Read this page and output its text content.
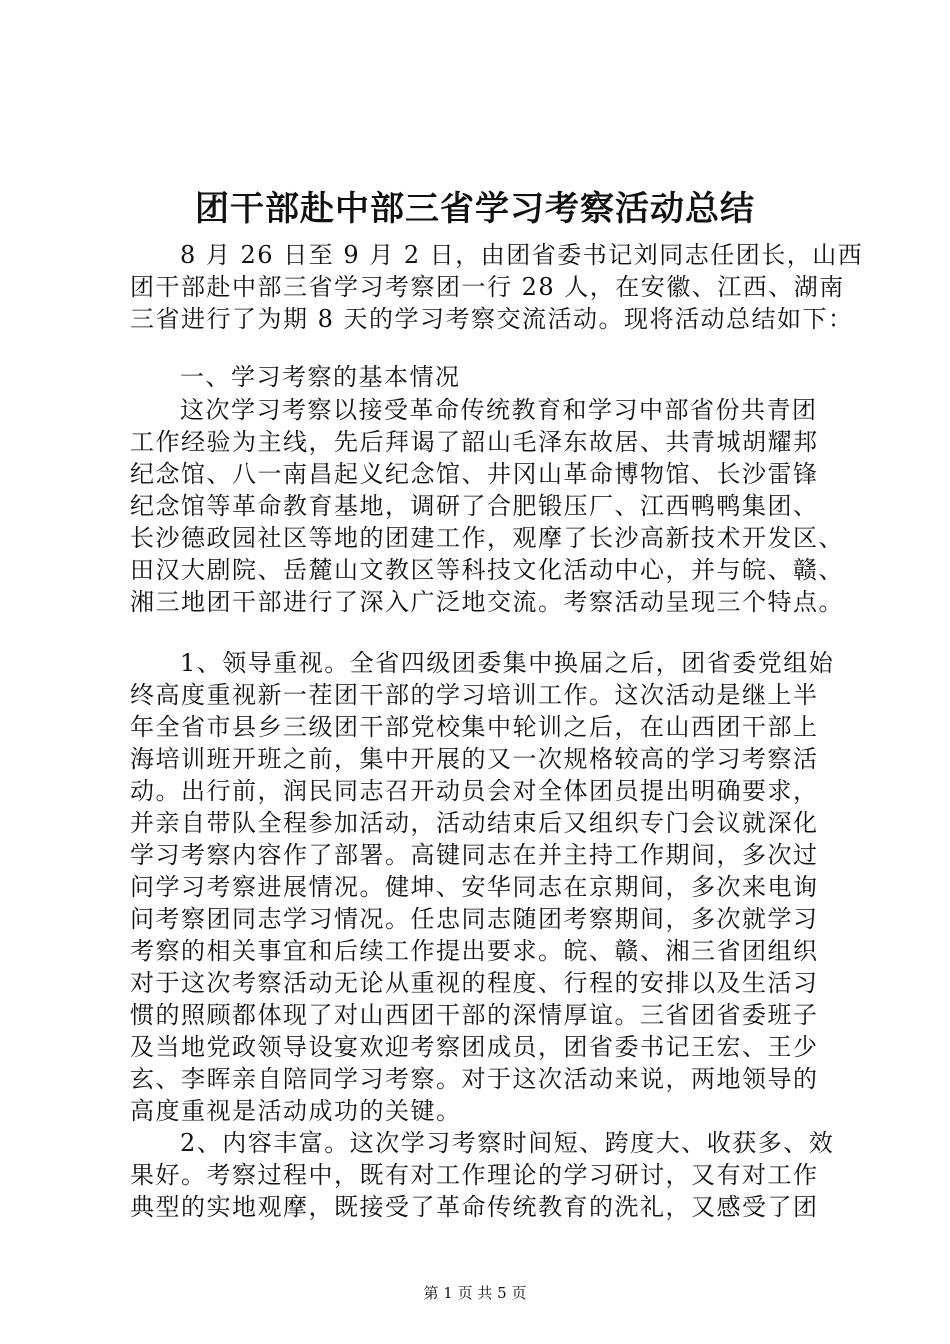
团干部赴中部三省学习考察活动总结
8 月 26 日至 9 月 2 日，由团省委书记刘同志任团长，山西
团干部赴中部三省学习考察团一行 28 人，在安徽、江西、湖南
三省进行了为期 8 天的学习考察交流活动。现将活动总结如下：
一、学习考察的基本情况
这次学习考察以接受革命传统教育和学习中部省份共青团
工作经验为主线，先后拜谒了韶山毛泽东故居、共青城胡耀邦
纪念馆、八一南昌起义纪念馆、井冈山革命博物馆、长沙雷锋
纪念馆等革命教育基地，调研了合肥锻压厂、江西鸭鸭集团、
长沙德政园社区等地的团建工作，观摩了长沙高新技术开发区、
田汉大剧院、岳麓山文教区等科技文化活动中心，并与皖、赣、
湘三地团干部进行了深入广泛地交流。考察活动呈现三个特点。
1、领导重视。全省四级团委集中换届之后，团省委党组始
终高度重视新一茬团干部的学习培训工作。这次活动是继上半
年全省市县乡三级团干部党校集中轮训之后，在山西团干部上
海培训班开班之前，集中开展的又一次规格较高的学习考察活
动。出行前，润民同志召开动员会对全体团员提出明确要求，
并亲自带队全程参加活动，活动结束后又组织专门会议就深化
学习考察内容作了部署。高键同志在并主持工作期间，多次过
问学习考察进展情况。健坤、安华同志在京期间，多次来电询
问考察团同志学习情况。任忠同志随团考察期间，多次就学习
考察的相关事宜和后续工作提出要求。皖、赣、湘三省团组织
对于这次考察活动无论从重视的程度、行程的安排以及生活习
惯的照顾都体现了对山西团干部的深情厚谊。三省团省委班子
及当地党政领导设宴欢迎考察团成员，团省委书记王宏、王少
玄、李晖亲自陪同学习考察。对于这次活动来说，两地领导的
高度重视是活动成功的关键。
2、内容丰富。这次学习考察时间短、跨度大、收获多、效
果好。考察过程中，既有对工作理论的学习研讨，又有对工作
典型的实地观摩，既接受了革命传统教育的洗礼，又感受了团
第 1 页 共 5 页
